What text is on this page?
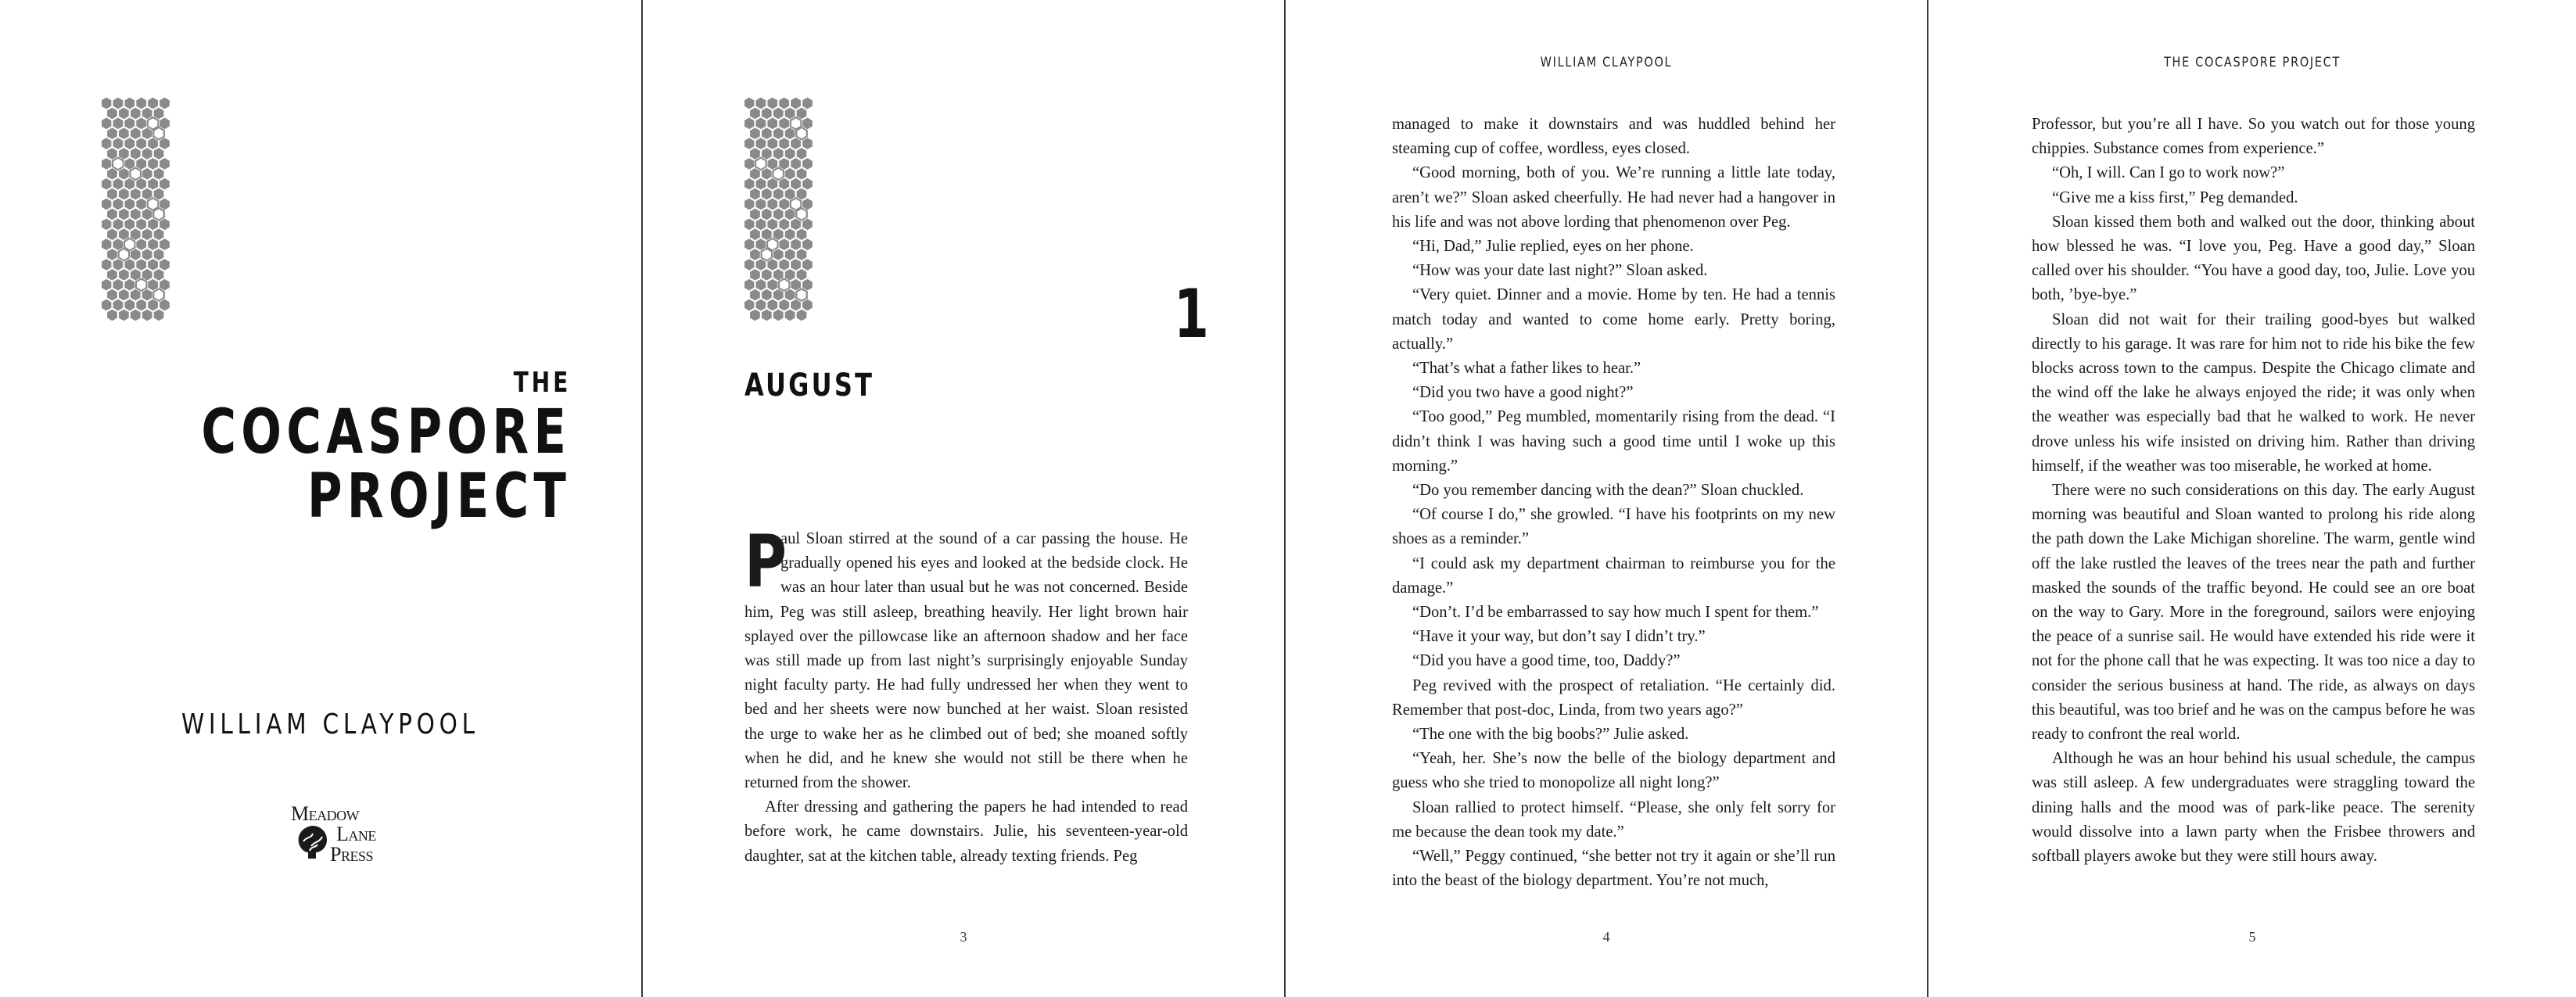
THE
COCASPORE
PROJECT
WILLIAM CLAYPOOL
Meadow
Lane
Press
1
AUGUST

P
aul Sloan stirred at the sound of a car passing the house. He gradually opened his eyes and looked at the bedside clock. He was an hour later than usual but he was not concerned. Beside him, Peg was still asleep, breathing heavily. Her light brown hair splayed over the pillowcase like an afternoon shadow and her face was still made up from last night’s surprisingly enjoyable Sunday night faculty party. He had fully undressed her when they went to bed and her sheets were now bunched at her waist. Sloan resisted the urge to wake her as he climbed out of bed; she moaned softly when he did, and he knew she would not still be there when he returned from the shower.

After dressing and gathering the papers he had intended to read before work, he came downstairs. Julie, his seventeen-year-old daughter, sat at the kitchen table, already texting friends. Peg

3
WILLIAM CLAYPOOL

managed to make it downstairs and was huddled behind her steaming cup of coffee, wordless, eyes closed.

“Good morning, both of you. We’re running a little late today, aren’t we?” Sloan asked cheerfully. He had never had a hangover in his life and was not above lording that phenomenon over Peg.

“Hi, Dad,” Julie replied, eyes on her phone.

“How was your date last night?” Sloan asked.

“Very quiet. Dinner and a movie. Home by ten. He had a tennis match today and wanted to come home early. Pretty boring, actually.”

“That’s what a father likes to hear.”

“Did you two have a good night?”

“Too good,” Peg mumbled, momentarily rising from the dead. “I didn’t think I was having such a good time until I woke up this morning.”

“Do you remember dancing with the dean?” Sloan chuckled.

“Of course I do,” she growled. “I have his footprints on my new shoes as a reminder.”

“I could ask my department chairman to reimburse you for the damage.”

“Don’t. I’d be embarrassed to say how much I spent for them.”

“Have it your way, but don’t say I didn’t try.”

“Did you have a good time, too, Daddy?”

Peg revived with the prospect of retaliation. “He certainly did. Remember that post-doc, Linda, from two years ago?”

“The one with the big boobs?” Julie asked.

“Yeah, her. She’s now the belle of the biology department and guess who she tried to monopolize all night long?”

Sloan rallied to protect himself. “Please, she only felt sorry for me because the dean took my date.”

“Well,” Peggy continued, “she better not try it again or she’ll run into the beast of the biology department. You’re not much,

4
THE COCASPORE PROJECT

Professor, but you’re all I have. So you watch out for those young chippies. Substance comes from experience.”

“Oh, I will. Can I go to work now?”

“Give me a kiss first,” Peg demanded.

Sloan kissed them both and walked out the door, thinking about how blessed he was. “I love you, Peg. Have a good day,” Sloan called over his shoulder. “You have a good day, too, Julie. Love you both, ’bye-bye.”

Sloan did not wait for their trailing good-byes but walked directly to his garage. It was rare for him not to ride his bike the few blocks across town to the campus. Despite the Chicago climate and the wind off the lake he always enjoyed the ride; it was only when the weather was especially bad that he walked to work. He never drove unless his wife insisted on driving him. Rather than driving himself, if the weather was too miserable, he worked at home.

There were no such considerations on this day. The early August morning was beautiful and Sloan wanted to prolong his ride along the path down the Lake Michigan shoreline. The warm, gentle wind off the lake rustled the leaves of the trees near the path and further masked the sounds of the traffic beyond. He could see an ore boat on the way to Gary. More in the foreground, sailors were enjoying the peace of a sunrise sail. He would have extended his ride were it not for the phone call that he was expecting. It was too nice a day to consider the serious business at hand. The ride, as always on days this beautiful, was too brief and he was on the campus before he was ready to confront the real world.

Although he was an hour behind his usual schedule, the campus was still asleep. A few undergraduates were straggling toward the dining halls and the mood was of park-like peace. The serenity would dissolve into a lawn party when the Frisbee throwers and softball players awoke but they were still hours away.

5
